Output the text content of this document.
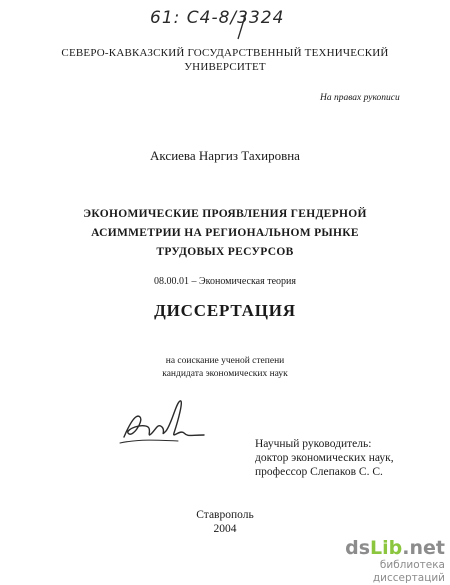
61: С4-8/3324
СЕВЕРО-КАВКАЗСКИЙ ГОСУДАРСТВЕННЫЙ ТЕХНИЧЕСКИЙ
УНИВЕРСИТЕТ
На правах рукописи
Аксиева Наргиз Тахировна
ЭКОНОМИЧЕСКИЕ ПРОЯВЛЕНИЯ ГЕНДЕРНОЙ
АСИММЕТРИИ НА РЕГИОНАЛЬНОМ РЫНКЕ
ТРУДОВЫХ РЕСУРСОВ
08.00.01 – Экономическая теория
ДИССЕРТАЦИЯ
на соискание ученой степени
кандидата экономических наук
Научный руководитель:
доктор экономических наук,
профессор Слепаков С. С.
Ставрополь
2004
dsLib.net
библиотека диссертаций
